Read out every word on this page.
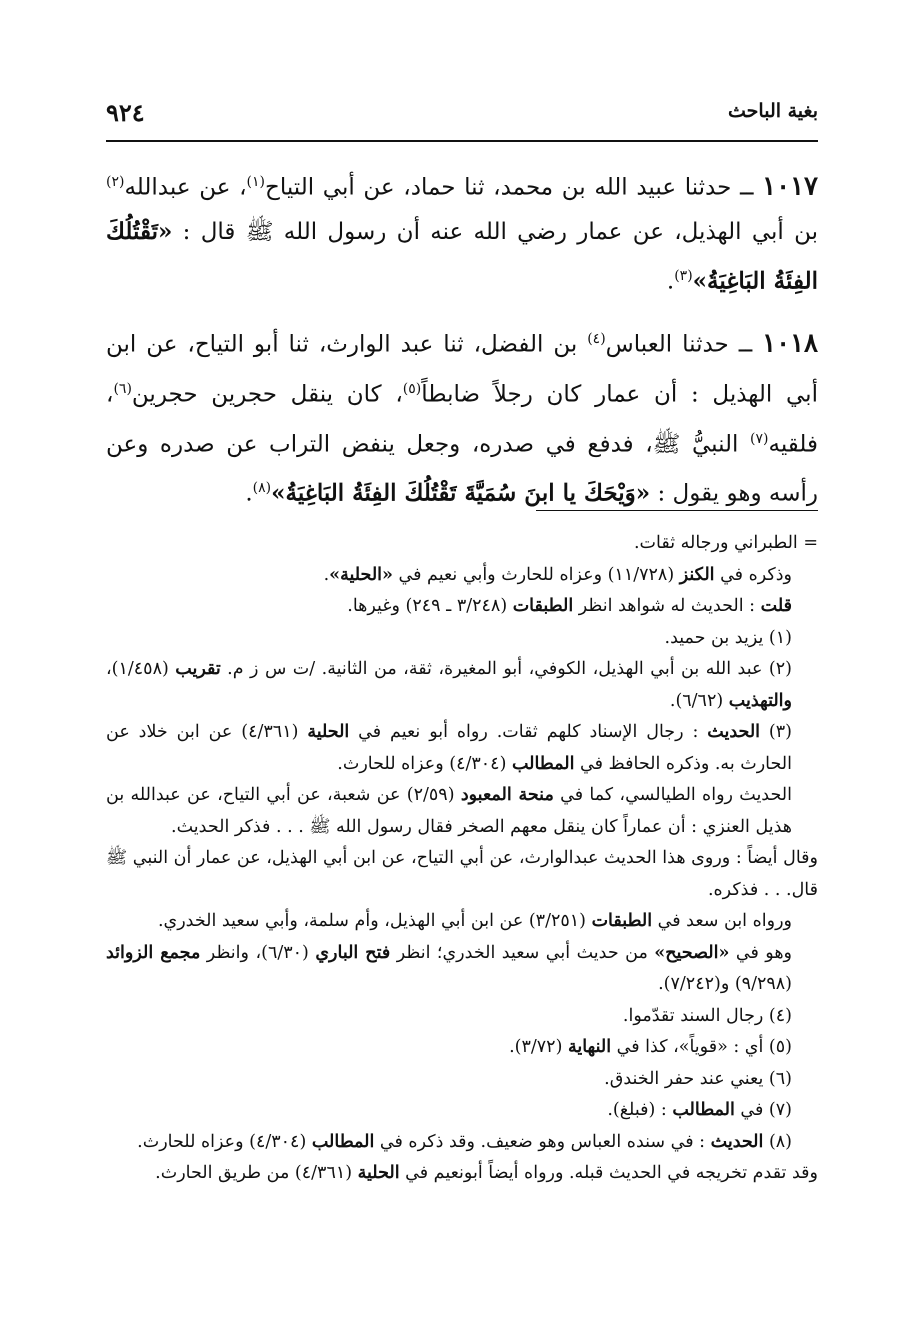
بغية الباحث
٩٢٤

١٠١٧ ــ حدثنا عبيد الله بن محمد، ثنا حماد، عن أبي التياح$^{(١)}$، عن عبدالله$^{(٢)}$ بن أبي الهذيل، عن عمار رضي الله عنه أن رسول الله ﷺ قال : «تَقْتُلُكَ الفِئَةُ البَاغِيَةُ»$^{(٣)}$.

١٠١٨ ــ حدثنا العباس$^{(٤)}$ بن الفضل، ثنا عبد الوارث، ثنا أبو التياح، عن ابن أبي الهذيل : أن عمار كان رجلاً ضابطاً$^{(٥)}$، كان ينقل حجرين حجرين$^{(٦)}$، فلقيه$^{(٧)}$ النبيُّ ﷺ، فدفع في صدره، وجعل ينفض التراب عن صدره وعن رأسه وهو يقول : «وَيْحَكَ يا ابنَ سُمَيَّةَ تَقْتُلُكَ الفِئَةُ البَاغِيَةُ»$^{(٨)}$.

= الطبراني ورجاله ثقات.

وذكره في الكنز (١١/٧٢٨) وعزاه للحارث وأبي نعيم في «الحلية».

قلت : الحديث له شواهد انظر الطبقات (٣/٢٤٨ ـ ٢٤٩) وغيرها.

(١) يزيد بن حميد.

(٢) عبد الله بن أبي الهذيل، الكوفي، أبو المغيرة، ثقة، من الثانية. /ت س ز م. تقريب (١/٤٥٨)، والتهذيب (٦/٦٢).

(٣) الحديث : رجال الإسناد كلهم ثقات. رواه أبو نعيم في الحلية (٤/٣٦١) عن ابن خلاد عن الحارث به. وذكره الحافظ في المطالب (٤/٣٠٤) وعزاه للحارث.

الحديث رواه الطيالسي، كما في منحة المعبود (٢/٥٩) عن شعبة، عن أبي التياح، عن عبدالله بن هذيل العنزي : أن عماراً كان ينقل معهم الصخر فقال رسول الله ﷺ . . . فذكر الحديث.

وقال أيضاً : وروى هذا الحديث عبدالوارث، عن أبي التياح، عن ابن أبي الهذيل، عن عمار أن النبي ﷺ قال. . . فذكره.

ورواه ابن سعد في الطبقات (٣/٢٥١) عن ابن أبي الهذيل، وأم سلمة، وأبي سعيد الخدري.

وهو في «الصحيح» من حديث أبي سعيد الخدري؛ انظر فتح الباري (٦/٣٠)، وانظر مجمع الزوائد (٩/٢٩٨) و(٧/٢٤٢).

(٤) رجال السند تقدّموا.

(٥) أي : «قوياً»، كذا في النهاية (٣/٧٢).

(٦) يعني عند حفر الخندق.

(٧) في المطالب : (فبلغ).

(٨) الحديث : في سنده العباس وهو ضعيف. وقد ذكره في المطالب (٤/٣٠٤) وعزاه للحارث.

وقد تقدم تخريجه في الحديث قبله. ورواه أيضاً أبونعيم في الحلية (٤/٣٦١) من طريق الحارث.
